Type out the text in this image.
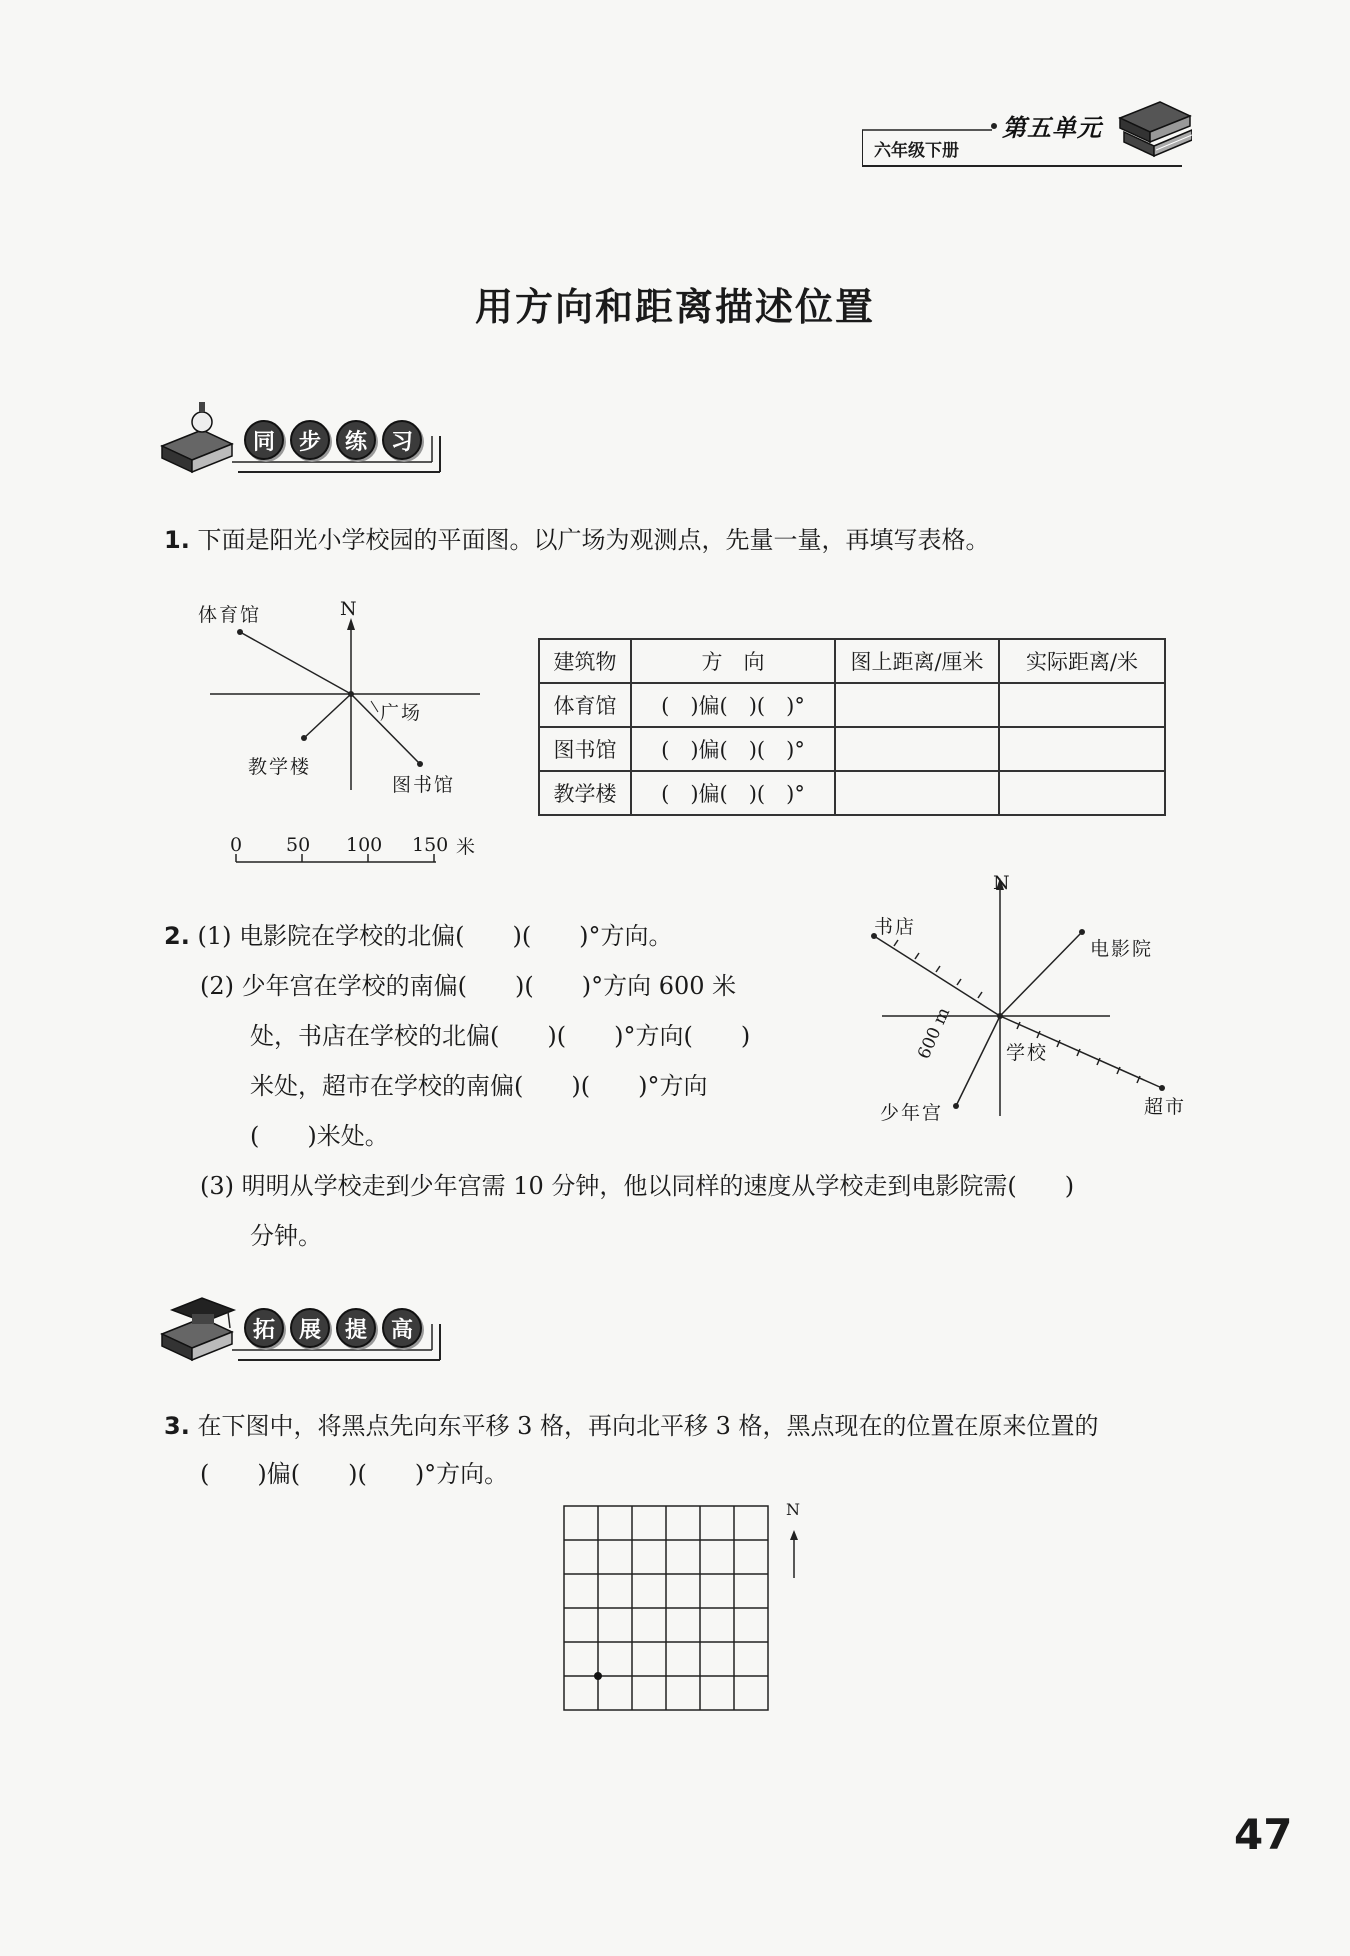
第五单元
六年级下册
用方向和距离描述位置
同	步	练	习
1. 下面是阳光小学校园的平面图。以广场为观测点，先量一量，再填写表格。
N
体育馆
广场
教学楼
图书馆
0 50 100 150 米
建筑物	方　向	图上距离/厘米	实际距离/米
体育馆	(　)偏(　)(　)°		
图书馆	(　)偏(　)(　)°		
教学楼	(　)偏(　)(　)°		
2. (1) 电影院在学校的北偏(　　)(　　)°方向。
(2) 少年宫在学校的南偏(　　)(　　)°方向 600 米
处，书店在学校的北偏(　　)(　　)°方向(　　)
米处，超市在学校的南偏(　　)(　　)°方向
(　　)米处。
(3) 明明从学校走到少年宫需 10 分钟，他以同样的速度从学校走到电影院需(　　)
分钟。
N
书店
电影院
学校
600 m
少年宫	超市
拓	展	提	高
3. 在下图中，将黑点先向东平移 3 格，再向北平移 3 格，黑点现在的位置在原来位置的
(　　)偏(　　)(　　)°方向。
N
47
